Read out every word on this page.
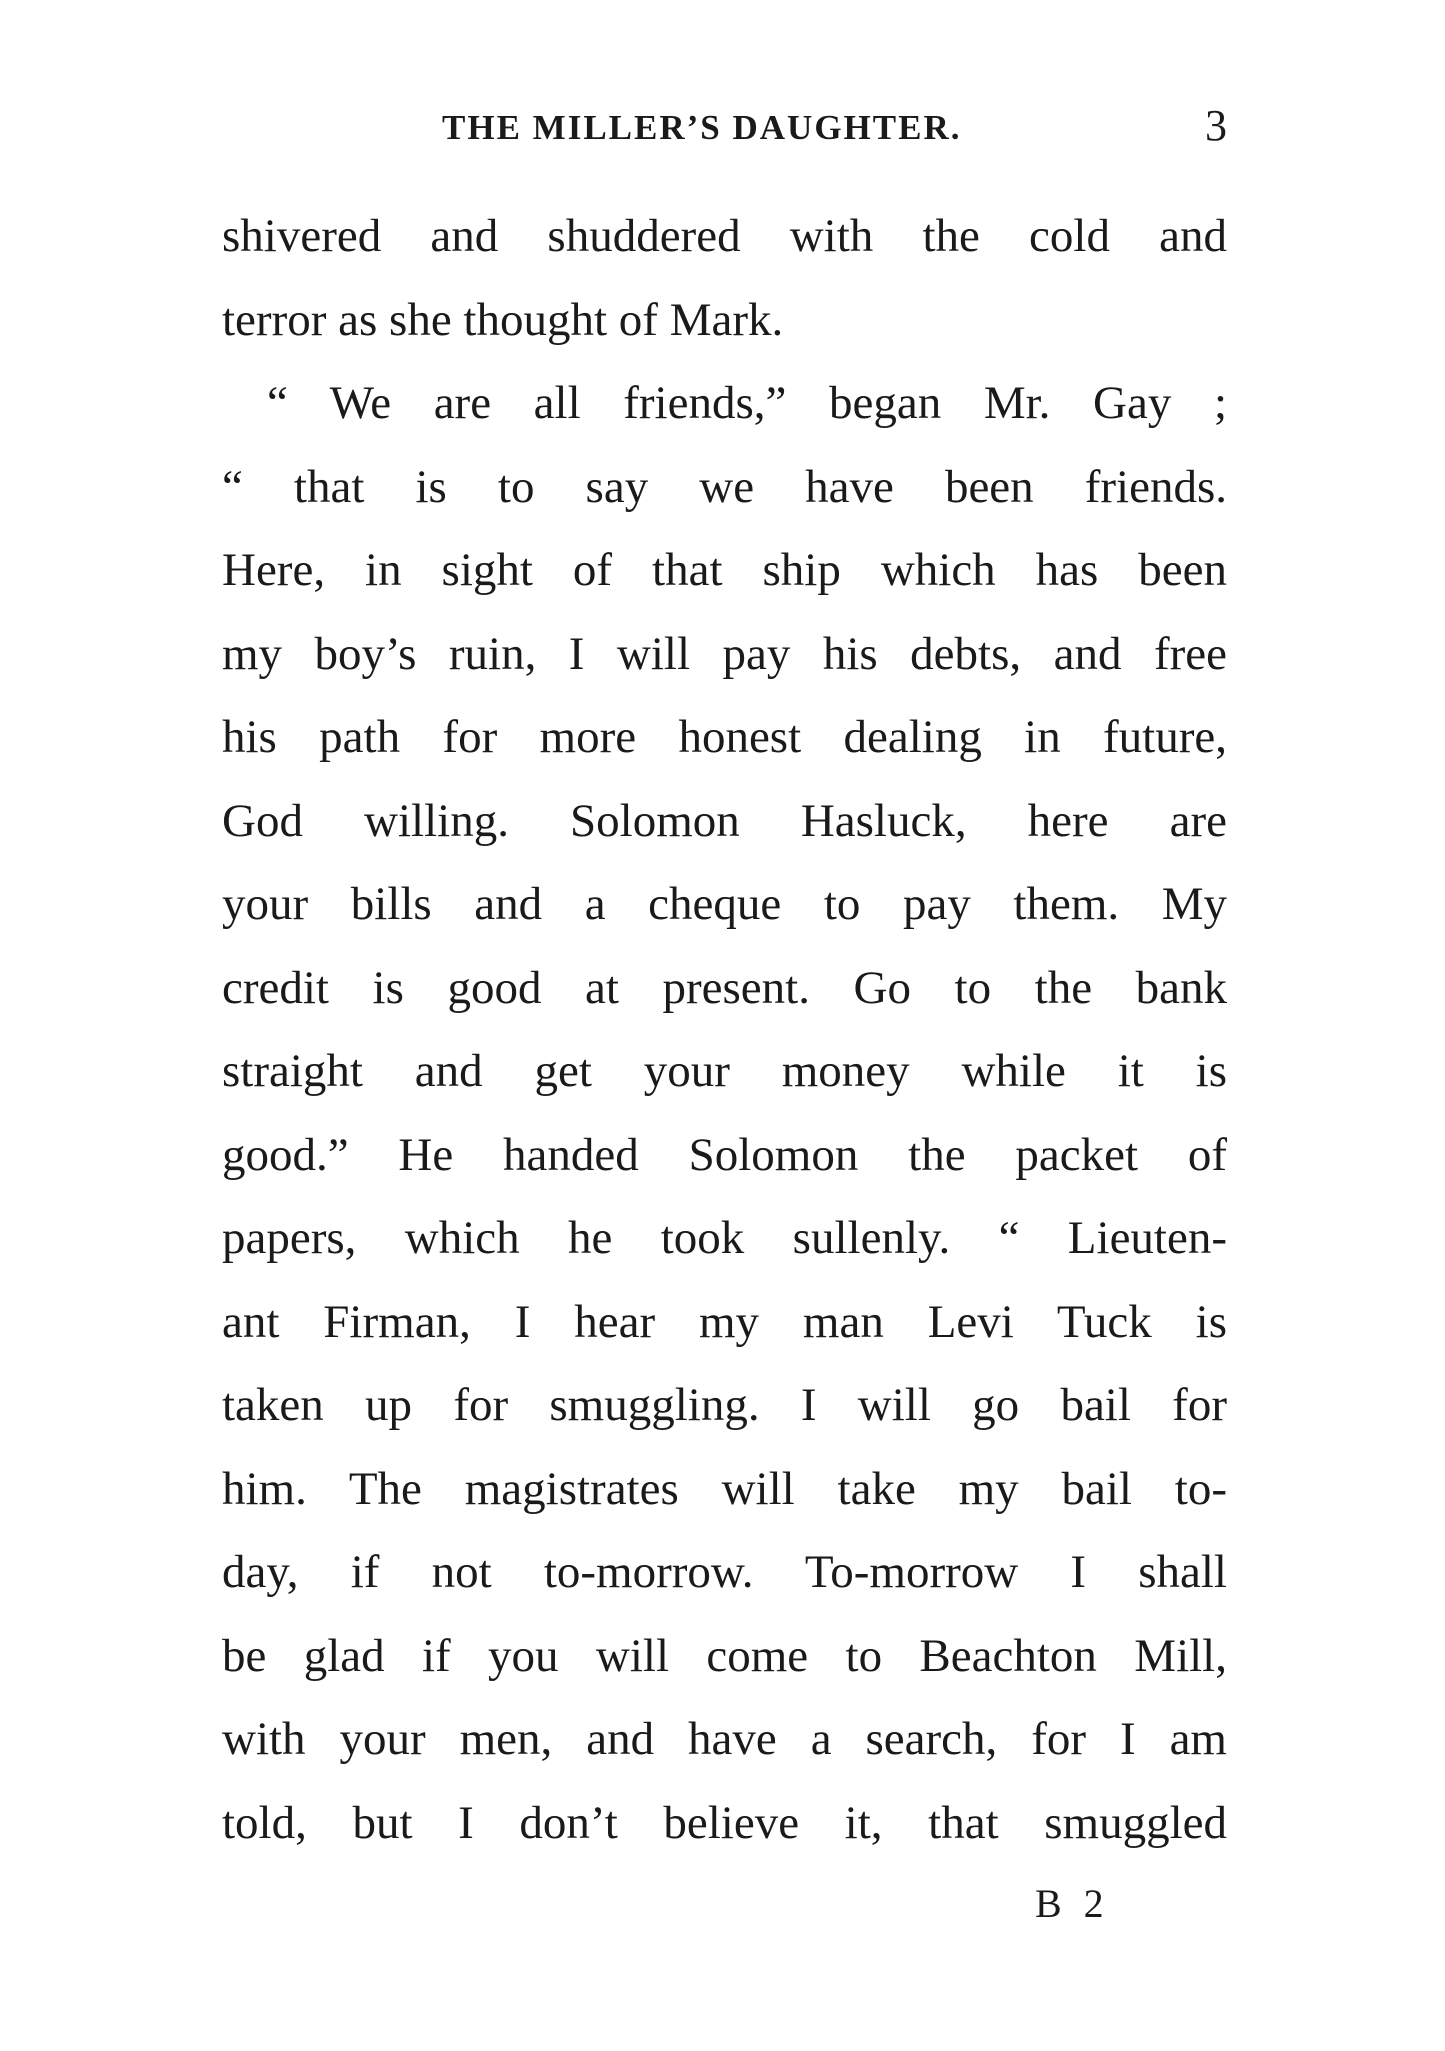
THE MILLER’S DAUGHTER.	3
shivered and shuddered with the cold and
terror as she thought of Mark.
“ We are all friends,” began Mr. Gay ;
“ that is to say we have been friends.
Here, in sight of that ship which has been
my boy’s ruin, I will pay his debts, and free
his path for more honest dealing in future,
God willing. Solomon Hasluck, here are
your bills and a cheque to pay them. My
credit is good at present. Go to the bank
straight and get your money while it is
good.” He handed Solomon the packet of
papers, which he took sullenly. “ Lieuten-
ant Firman, I hear my man Levi Tuck is
taken up for smuggling. I will go bail for
him. The magistrates will take my bail to-
day, if not to-morrow. To-morrow I shall
be glad if you will come to Beachton Mill,
with your men, and have a search, for I am
told, but I don’t believe it, that smuggled
B 2
